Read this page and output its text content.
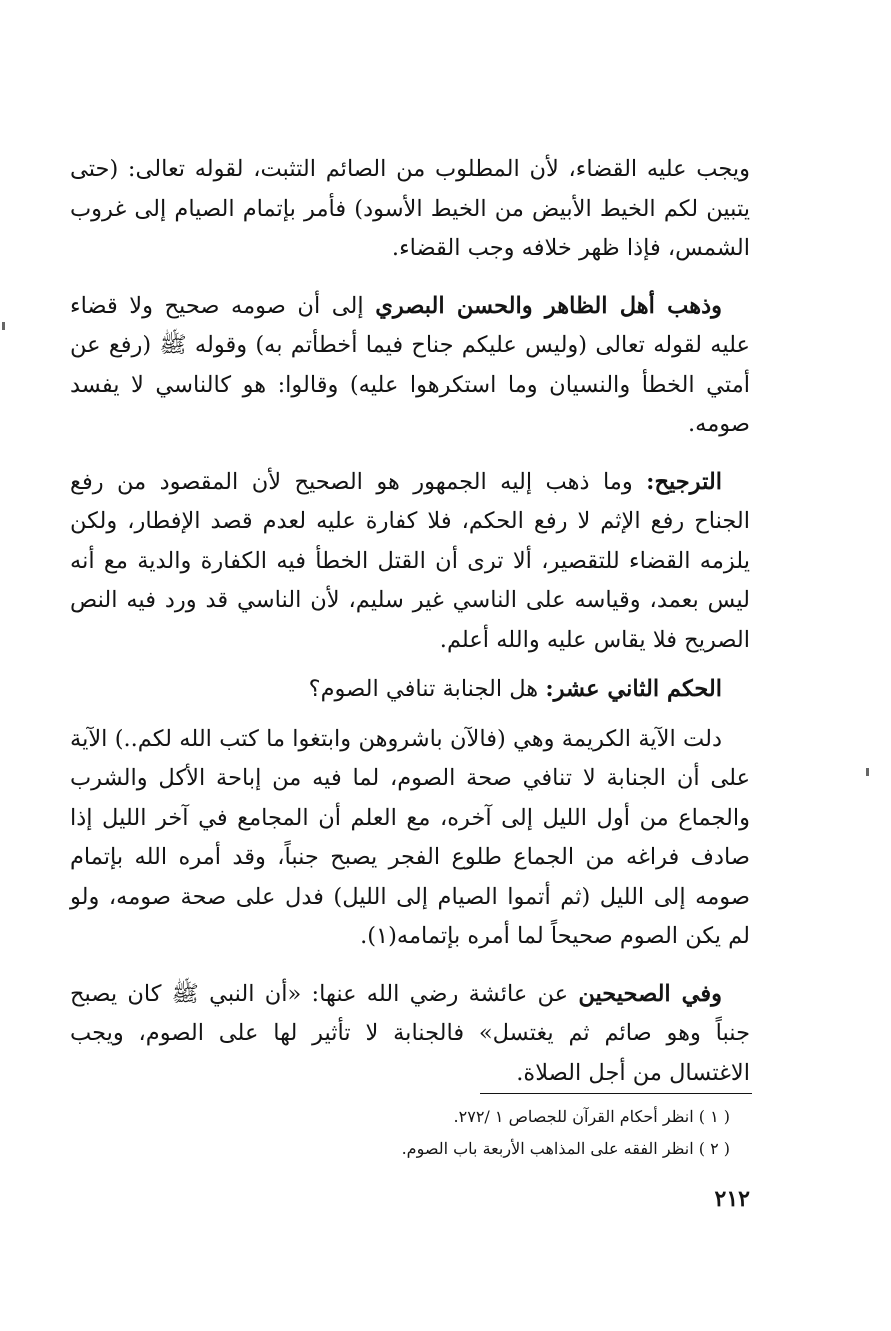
ويجب عليه القضاء، لأن المطلوب من الصائم التثبت، لقوله تعالى: (حتى يتبين لكم الخيط الأبيض من الخيط الأسود) فأمر بإتمام الصيام إلى غروب الشمس، فإذا ظهر خلافه وجب القضاء.

وذهب أهل الظاهر والحسن البصري إلى أن صومه صحيح ولا قضاء عليه لقوله تعالى (وليس عليكم جناح فيما أخطأتم به) وقوله ﷺ (رفع عن أمتي الخطأ والنسيان وما استكرهوا عليه) وقالوا: هو كالناسي لا يفسد صومه.

الترجيح: وما ذهب إليه الجمهور هو الصحيح لأن المقصود من رفع الجناح رفع الإثم لا رفع الحكم، فلا كفارة عليه لعدم قصد الإفطار، ولكن يلزمه القضاء للتقصير، ألا ترى أن القتل الخطأ فيه الكفارة والدية مع أنه ليس بعمد، وقياسه على الناسي غير سليم، لأن الناسي قد ورد فيه النص الصريح فلا يقاس عليه والله أعلم.

الحكم الثاني عشر: هل الجنابة تنافي الصوم؟

دلت الآية الكريمة وهي (فالآن باشروهن وابتغوا ما كتب الله لكم..) الآية على أن الجنابة لا تنافي صحة الصوم، لما فيه من إباحة الأكل والشرب والجماع من أول الليل إلى آخره، مع العلم أن المجامع في آخر الليل إذا صادف فراغه من الجماع طلوع الفجر يصبح جنباً، وقد أمره الله بإتمام صومه إلى الليل (ثم أتموا الصيام إلى الليل) فدل على صحة صومه، ولو لم يكن الصوم صحيحاً لما أمره بإتمامه(١).

وفي الصحيحين عن عائشة رضي الله عنها: «أن النبي ﷺ كان يصبح جنباً وهو صائم ثم يغتسل» فالجنابة لا تأثير لها على الصوم، ويجب الاغتسال من أجل الصلاة.

( ١ ) انظر أحكام القرآن للجصاص ١ /٢٧٢.
( ٢ ) انظر الفقه على المذاهب الأربعة باب الصوم.
٢١٢
